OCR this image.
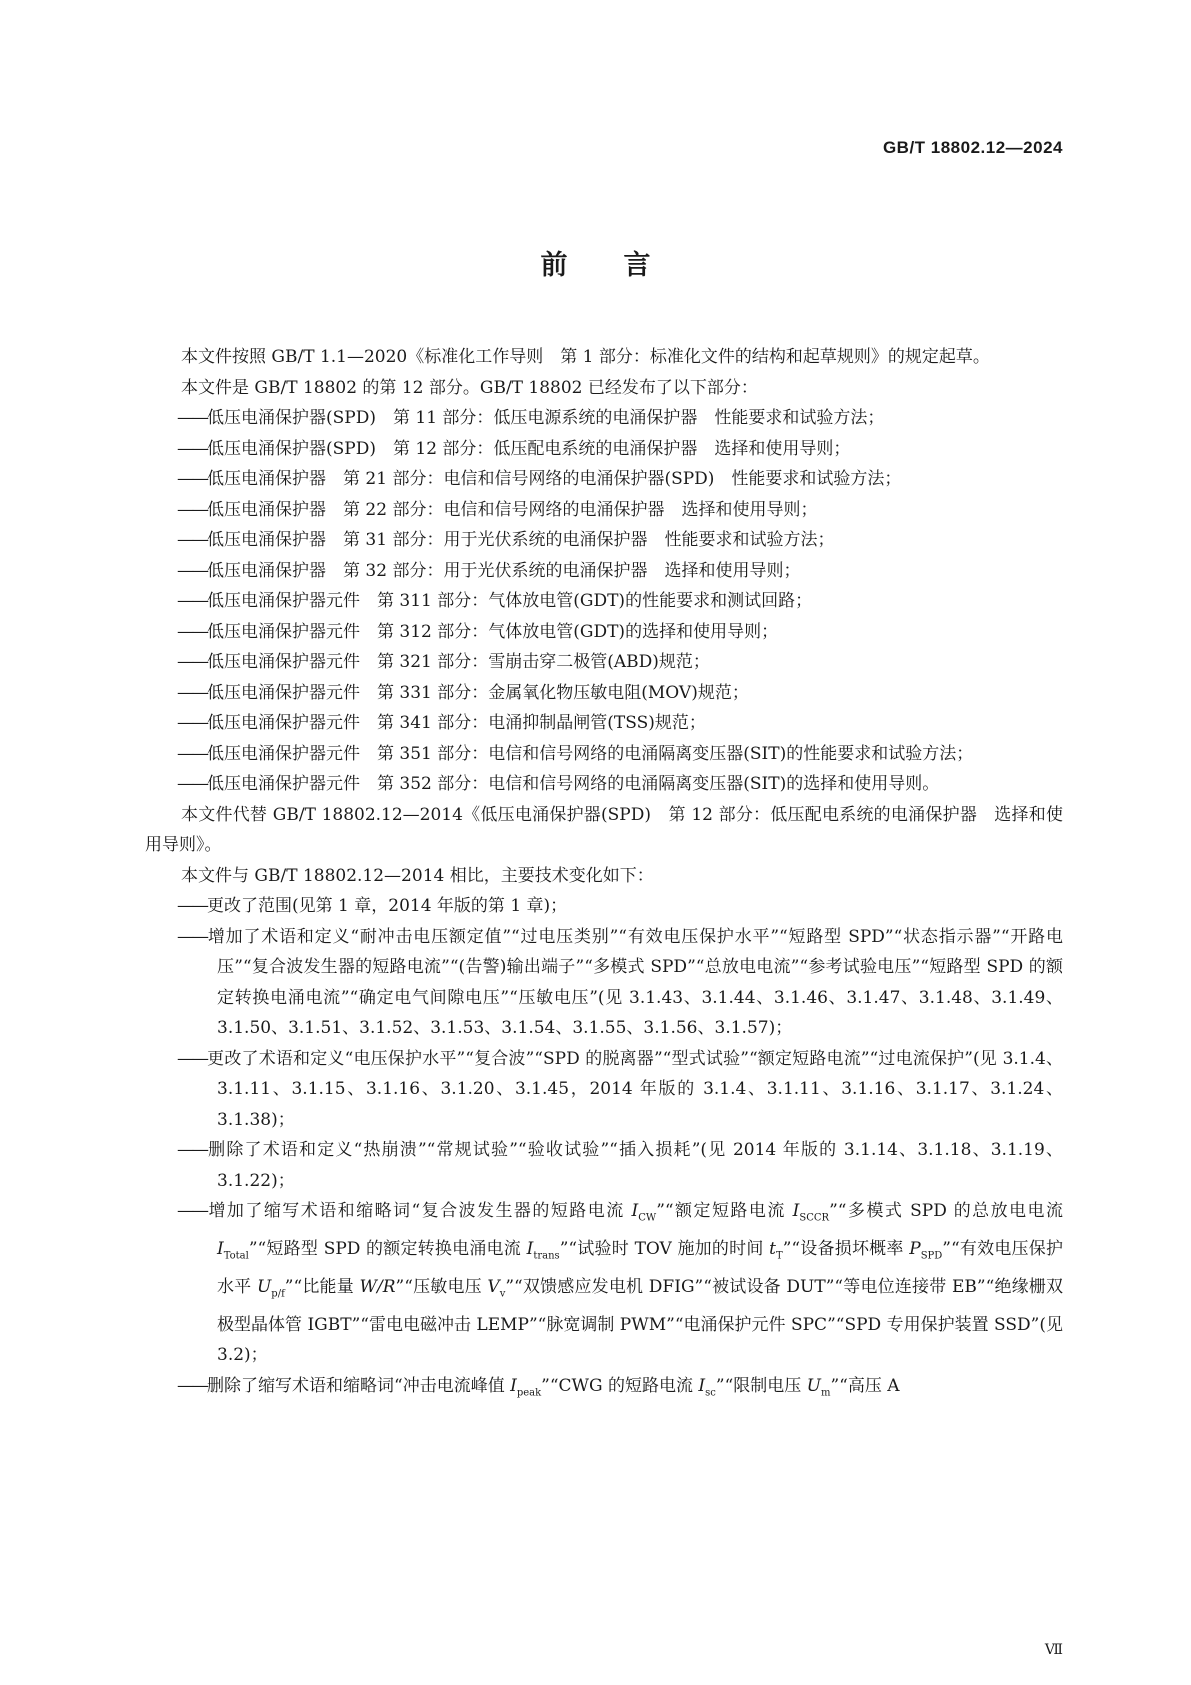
GB/T 18802.12—2024
前言

本文件按照 GB/T 1.1—2020《标准化工作导则　第 1 部分：标准化文件的结构和起草规则》的规定起草。

本文件是 GB/T 18802 的第 12 部分。GB/T 18802 已经发布了以下部分：

——低压电涌保护器(SPD)　第 11 部分：低压电源系统的电涌保护器　性能要求和试验方法；

——低压电涌保护器(SPD)　第 12 部分：低压配电系统的电涌保护器　选择和使用导则；

——低压电涌保护器　第 21 部分：电信和信号网络的电涌保护器(SPD)　性能要求和试验方法；

——低压电涌保护器　第 22 部分：电信和信号网络的电涌保护器　选择和使用导则；

——低压电涌保护器　第 31 部分：用于光伏系统的电涌保护器　性能要求和试验方法；

——低压电涌保护器　第 32 部分：用于光伏系统的电涌保护器　选择和使用导则；

——低压电涌保护器元件　第 311 部分：气体放电管(GDT)的性能要求和测试回路；

——低压电涌保护器元件　第 312 部分：气体放电管(GDT)的选择和使用导则；

——低压电涌保护器元件　第 321 部分：雪崩击穿二极管(ABD)规范；

——低压电涌保护器元件　第 331 部分：金属氧化物压敏电阻(MOV)规范；

——低压电涌保护器元件　第 341 部分：电涌抑制晶闸管(TSS)规范；

——低压电涌保护器元件　第 351 部分：电信和信号网络的电涌隔离变压器(SIT)的性能要求和试验方法；

——低压电涌保护器元件　第 352 部分：电信和信号网络的电涌隔离变压器(SIT)的选择和使用导则。

本文件代替 GB/T 18802.12—2014《低压电涌保护器(SPD)　第 12 部分：低压配电系统的电涌保护器　选择和使用导则》。

本文件与 GB/T 18802.12—2014 相比，主要技术变化如下：

——更改了范围(见第 1 章，2014 年版的第 1 章)；

——增加了术语和定义“耐冲击电压额定值”“过电压类别”“有效电压保护水平”“短路型 SPD”“状态指示器”“开路电压”“复合波发生器的短路电流”“(告警)输出端子”“多模式 SPD”“总放电电流”“参考试验电压”“短路型 SPD 的额定转换电涌电流”“确定电气间隙电压”“压敏电压”(见 3.1.43、3.1.44、3.1.46、3.1.47、3.1.48、3.1.49、3.1.50、3.1.51、3.1.52、3.1.53、3.1.54、3.1.55、3.1.56、3.1.57)；

——更改了术语和定义“电压保护水平”“复合波”“SPD 的脱离器”“型式试验”“额定短路电流”“过电流保护”(见 3.1.4、3.1.11、3.1.15、3.1.16、3.1.20、3.1.45，2014 年版的 3.1.4、3.1.11、3.1.16、3.1.17、3.1.24、3.1.38)；

——删除了术语和定义“热崩溃”“常规试验”“验收试验”“插入损耗”(见 2014 年版的 3.1.14、3.1.18、3.1.19、3.1.22)；

——增加了缩写术语和缩略词“复合波发生器的短路电流 $I_{CW}”“$额定短路电流 $I_{SCCR}”“$多模式 SPD 的总放电电流 $I_{Total}”“$短路型 SPD 的额定转换电涌电流 $I_{trans}”“$试验时 TOV 施加的时间 $t_T”“$设备损坏概率 $P_{SPD}”“$有效电压保护水平 $U_{p/f}”“$比能量 W/R”“压敏电压 $V_v”“$双馈感应发电机 DFIG”“被试设备 DUT”“等电位连接带 EB”“绝缘栅双极型晶体管 IGBT”“雷电电磁冲击 LEMP”“脉宽调制 PWM”“电涌保护元件 SPC”“SPD 专用保护装置 SSD”(见 3.2)；

——删除了缩写术语和缩略词“冲击电流峰值 $I_{peak}”“CWG$ 的短路电流 $I_{sc}”“$限制电压 $U_m”“$高压 A

Ⅶ
